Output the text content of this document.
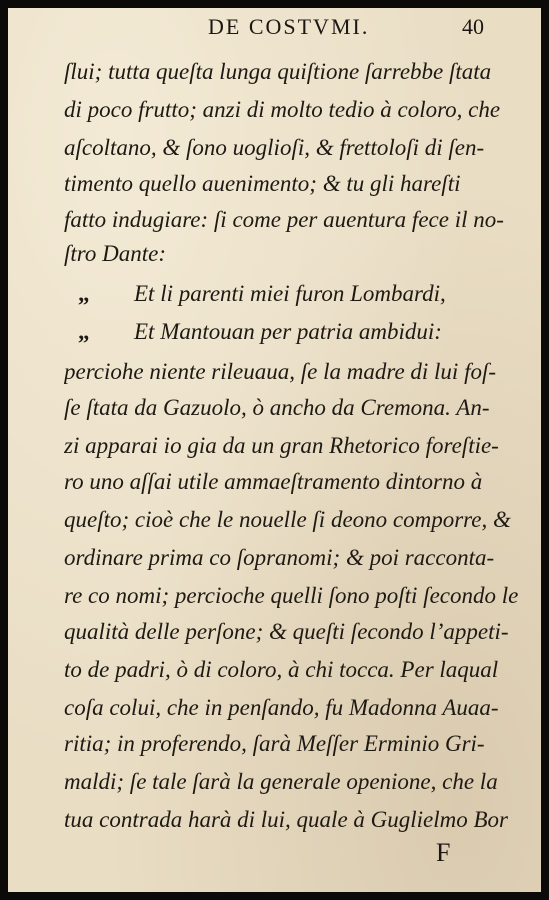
DE COSTVMI.	40
ſlui; tutta queſta lunga quiſtione ſarrebbe ſtata
di poco frutto; anzi di molto tedio à coloro, che
aſcoltano, & ſono uoglioſi, & frettoloſi di ſen-
timento quello auenimento; & tu gli hareſti
fatto indugiare: ſi come per auentura fece il no-
ſtro Dante:
„ Et li parenti miei furon Lombardi,
„ Et Mantouan per patria ambidui:
perciohe niente rileuaua, ſe la madre di lui foſ-
ſe ſtata da Gazuolo, ò ancho da Cremona. An-
zi apparai io gia da un gran Rhetorico foreſtie-
ro uno aſſai utile ammaeſtramento dintorno à
queſto; cioè che le nouelle ſi deono comporre, &
ordinare prima co ſopranomi; & poi racconta-
re co nomi; percioche quelli ſono poſti ſecondo le
qualità delle perſone; & queſti ſecondo l’appeti-
to de padri, ò di coloro, à chi tocca. Per laqual
coſa colui, che in penſando, fu Madonna Auaa-
ritia; in proferendo, ſarà Meſſer Erminio Gri-
maldi; ſe tale ſarà la generale openione, che la
tua contrada harà di lui, quale à Guglielmo Bor
F
